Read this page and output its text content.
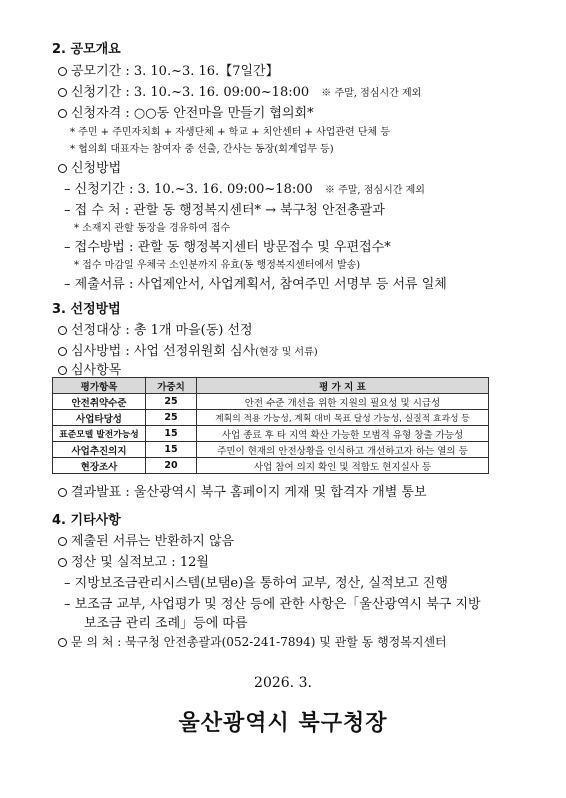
2. 공모개요
공모기간 : 3. 10.~3. 16.【7일간】
신청기간 : 3. 10.~3. 16. 09:00~18:00 ※ 주말, 점심시간 제외
신청자격 : ○○동 안전마을 만들기 협의회*
* 주민 + 주민자치회 + 자생단체 + 학교 + 치안센터 + 사업관련 단체 등
* 협의회 대표자는 참여자 중 선출, 간사는 동장(회계업무 등)
신청방법
– 신청기간 : 3. 10.~3. 16. 09:00~18:00 ※ 주말, 점심시간 제외
– 접 수 처 : 관할 동 행정복지센터* → 북구청 안전총괄과
* 소재지 관할 동장을 경유하여 접수
– 접수방법 : 관할 동 행정복지센터 방문접수 및 우편접수*
* 접수 마감일 우체국 소인분까지 유효(동 행정복지센터에서 발송)
– 제출서류 : 사업제안서, 사업계획서, 참여주민 서명부 등 서류 일체
3. 선정방법
선정대상 : 총 1개 마을(동) 선정
심사방법 : 사업 선정위원회 심사(현장 및 서류)
심사항목
평가항목	가중치	평 가 지 표
안전취약수준	25	안전 수준 개선을 위한 지원의 필요성 및 시급성
사업타당성	25	계획의 적용 가능성, 계획 대비 목표 달성 가능성, 실질적 효과성 등
표준모델 발전가능성	15	사업 종료 후 타 지역 확산 가능한 모범적 유형 창출 가능성
사업추진의지	15	주민이 현재의 안전상황을 인식하고 개선하고자 하는 열의 등
현장조사	20	사업 참여 의지 확인 및 적합도 현지실사 등
결과발표 : 울산광역시 북구 홈페이지 게재 및 합격자 개별 통보
4. 기타사항
제출된 서류는 반환하지 않음
정산 및 실적보고 : 12월
– 지방보조금관리시스템(보탬e)을 통하여 교부, 정산, 실적보고 진행
– 보조금 교부, 사업평가 및 정산 등에 관한 사항은「울산광역시 북구 지방
보조금 관리 조례」등에 따름
문 의 처 : 북구청 안전총괄과(052-241-7894) 및 관할 동 행정복지센터
2026. 3.
울산광역시 북구청장
